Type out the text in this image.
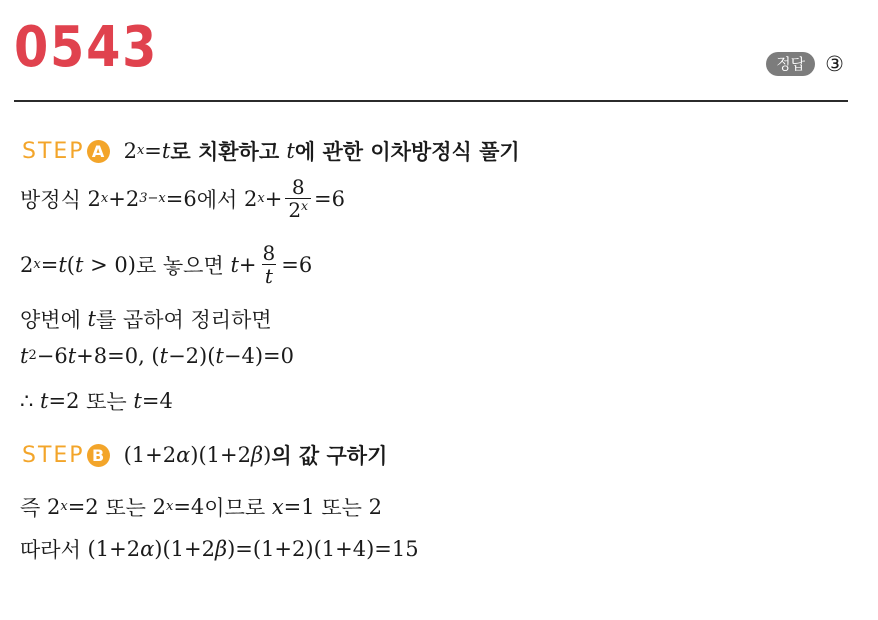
0543	정답 ③
STEP A 2 x = t 로 치환하고 t 에 관한 이차방정식 풀기
방정식 2 x +2 3−x =6 에서 2 $x + \frac{8}{2^x} =6$
2 x = t ( t > 0) 로 놓으면 $t + \frac{8}{t} =6$
양변에 t 를 곱하여 정리하면
t 2 −6 t +8=0, ( t −2)( t −4)=0
∴ t =2 또는 t =4
STEP B (1+2 α )(1+2 β ) 의 값 구하기
즉 2 x =2 또는 2 x =4 이므로 x =1 또는 2
따라서 (1+2 α )(1+2 β )=(1+2)(1+4)=15
